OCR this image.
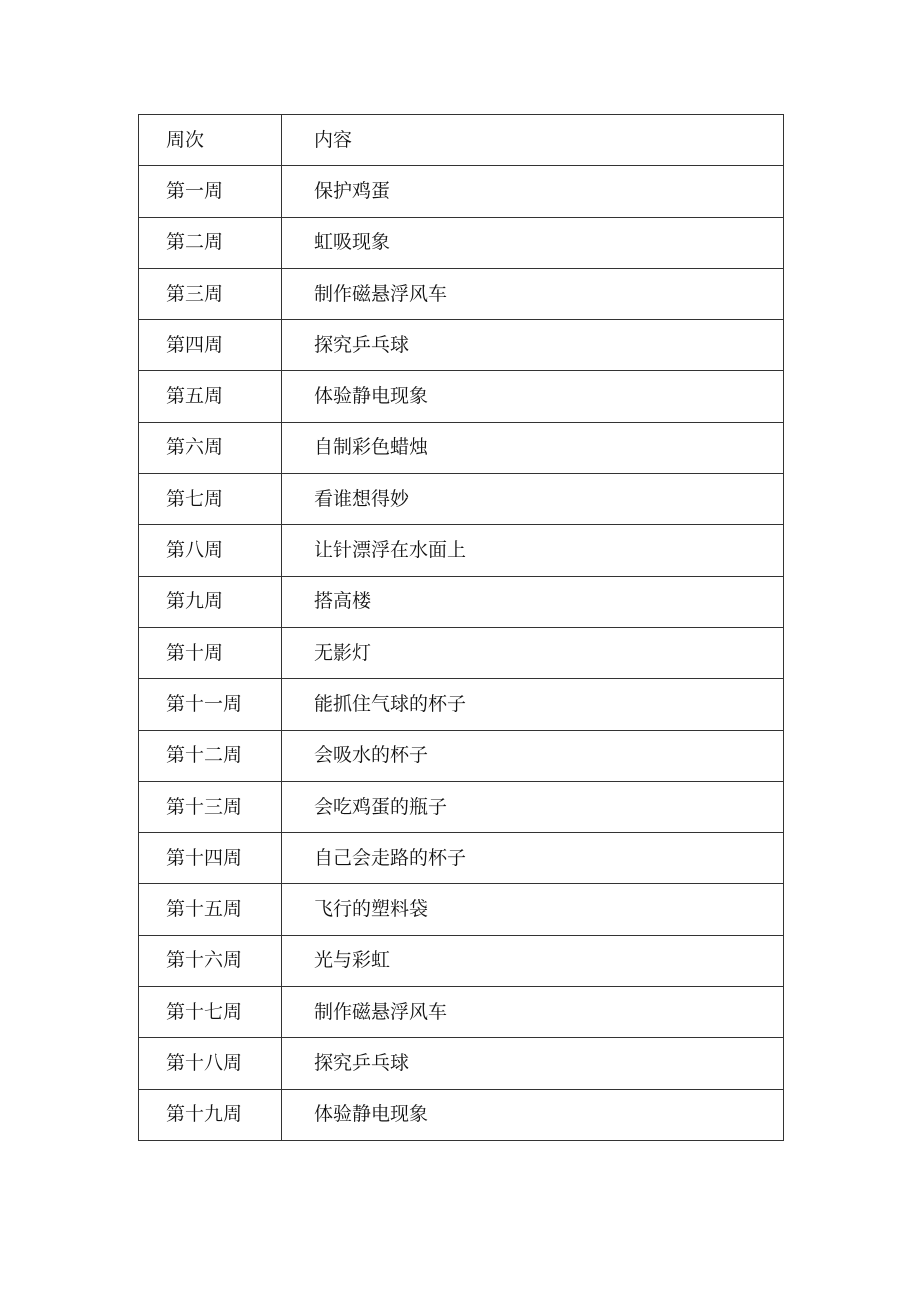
周次	内容
第一周	保护鸡蛋
第二周	虹吸现象
第三周	制作磁悬浮风车
第四周	探究乒乓球
第五周	体验静电现象
第六周	自制彩色蜡烛
第七周	看谁想得妙
第八周	让针漂浮在水面上
第九周	搭高楼
第十周	无影灯
第十一周	能抓住气球的杯子
第十二周	会吸水的杯子
第十三周	会吃鸡蛋的瓶子
第十四周	自己会走路的杯子
第十五周	飞行的塑料袋
第十六周	光与彩虹
第十七周	制作磁悬浮风车
第十八周	探究乒乓球
第十九周	体验静电现象
